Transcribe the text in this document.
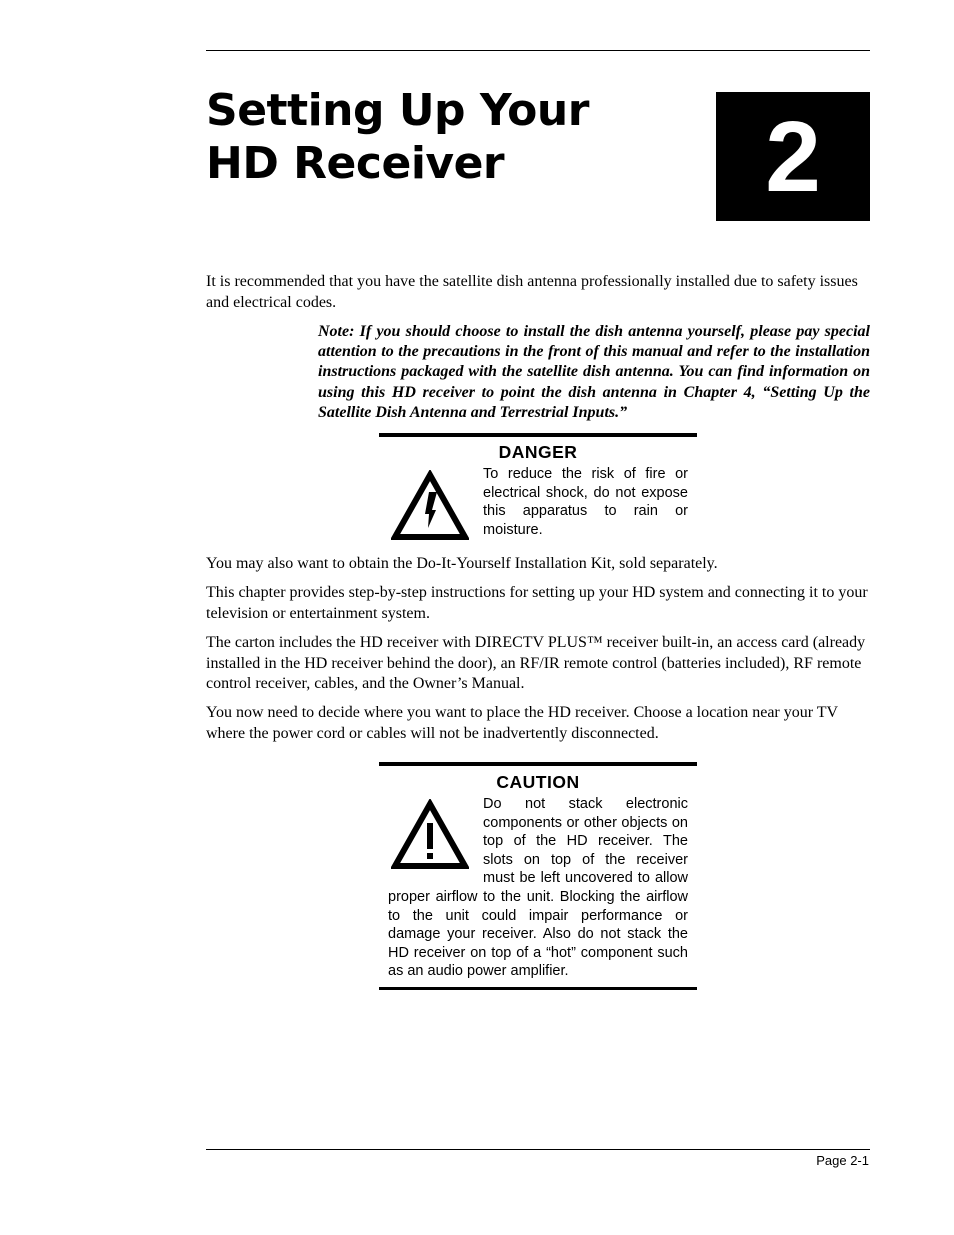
Setting Up Your
HD Receiver	2

It is recommended that you have the satellite dish antenna professionally installed due to safety issues and electrical codes.

Note: If you should choose to install the dish antenna yourself, please pay special attention to the precautions in the front of this manual and refer to the installation instructions packaged with the satellite dish antenna. You can find information on using this HD receiver to point the dish antenna in Chapter 4, “Setting Up the Satellite Dish Antenna and Terrestrial Inputs.”

DANGER

To reduce the risk of fire or electrical shock, do not expose this apparatus to rain or moisture.

You may also want to obtain the Do-It-Yourself Installation Kit, sold separately.

This chapter provides step-by-step instructions for setting up your HD system and connecting it to your television or entertainment system.

The carton includes the HD receiver with DIRECTV PLUS™ receiver built-in, an access card (already installed in the HD receiver behind the door), an RF/IR remote control (batteries included), RF remote control receiver, cables, and the Owner’s Manual.

You now need to decide where you want to place the HD receiver. Choose a location near your TV where the power cord or cables will not be inadvertently disconnected.

CAUTION
Do not stack electronic components or other objects on top of the HD receiver. The slots on top of the receiver must be left uncovered to allow proper airflow to the unit. Blocking the airflow to the unit could impair performance or damage your receiver. Also do not stack the HD receiver on top of a “hot” component such as an audio power amplifier.

Page 2-1
